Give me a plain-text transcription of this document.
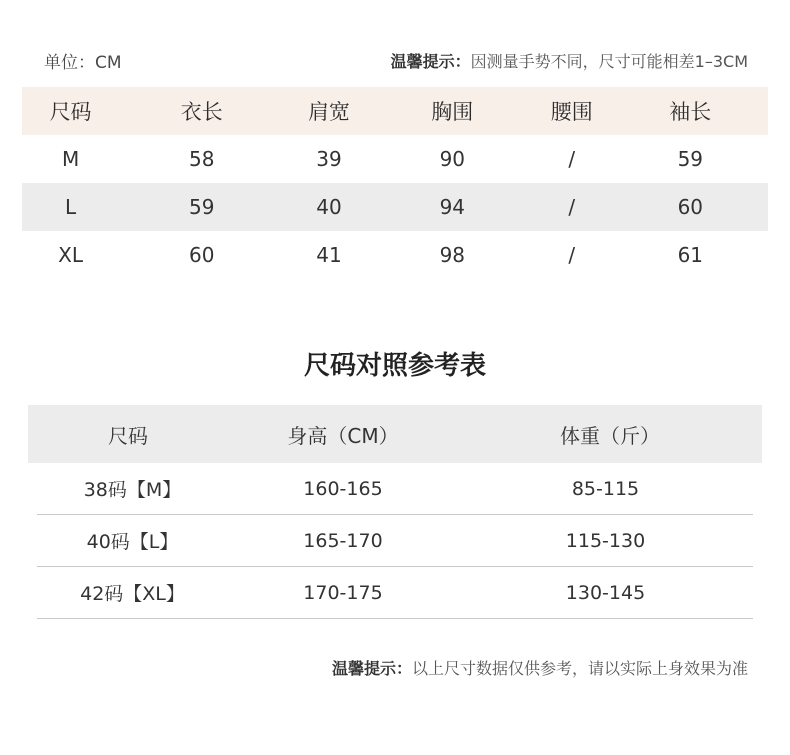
单位：CM	温馨提示：因测量手势不同，尺寸可能相差1–3CM
尺码	衣长	肩宽	胸围	腰围	袖长
M	58	39	90	/	59
L	59	40	94	/	60
XL	60	41	98	/	61
尺码对照参考表
尺码	身高（CM）	体重（斤）
38码【M】	160-165	85-115
40码【L】	165-170	115-130
42码【XL】	170-175	130-145
温馨提示：以上尺寸数据仅供参考，请以实际上身效果为准
